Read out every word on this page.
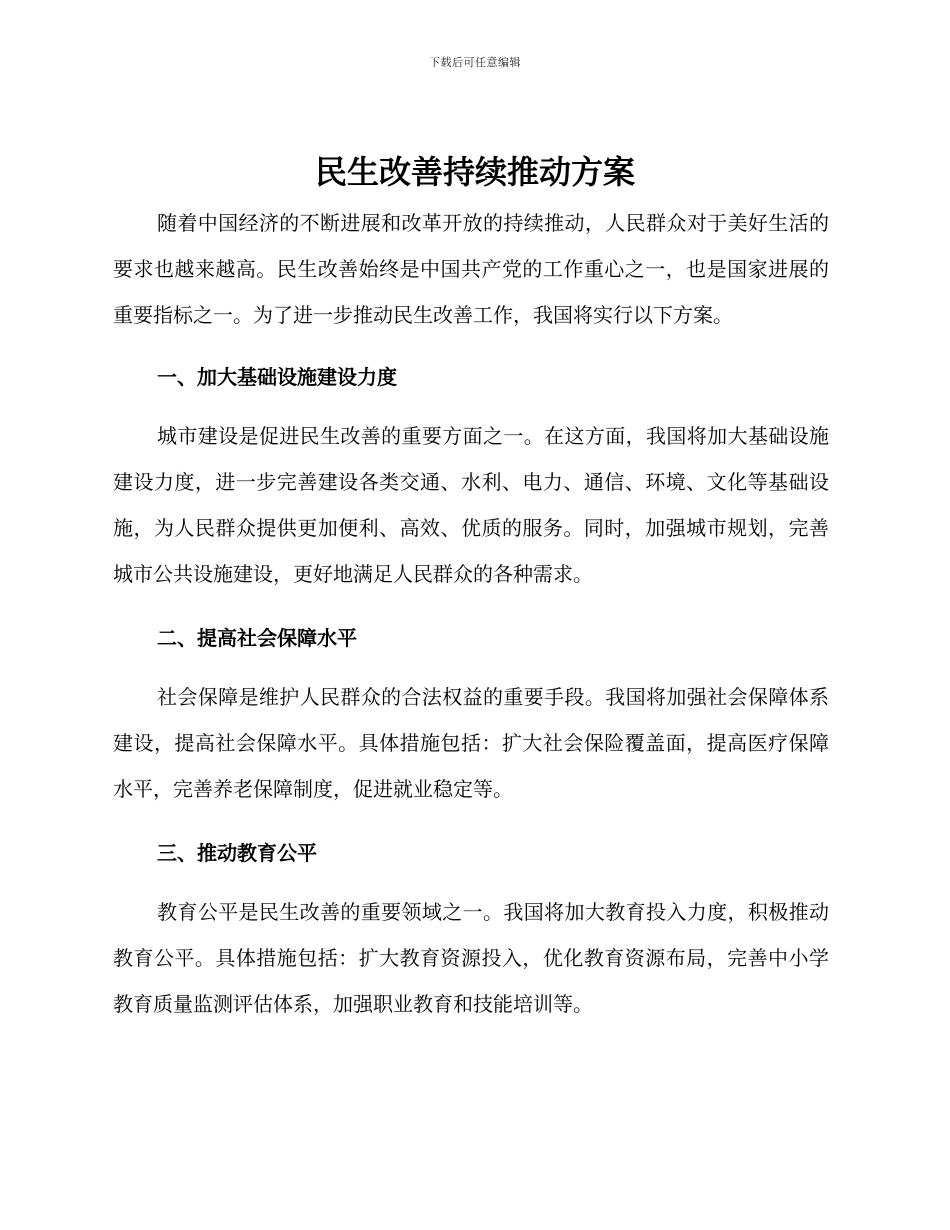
下载后可任意编辑
民生改善持续推动方案

随着中国经济的不断进展和改革开放的持续推动，人民群众对于美好生活的要求也越来越高。民生改善始终是中国共产党的工作重心之一，也是国家进展的重要指标之一。为了进一步推动民生改善工作，我国将实行以下方案。

一、加大基础设施建设力度

城市建设是促进民生改善的重要方面之一。在这方面，我国将加大基础设施建设力度，进一步完善建设各类交通、水利、电力、通信、环境、文化等基础设施，为人民群众提供更加便利、高效、优质的服务。同时，加强城市规划，完善城市公共设施建设，更好地满足人民群众的各种需求。

二、提高社会保障水平

社会保障是维护人民群众的合法权益的重要手段。我国将加强社会保障体系建设，提高社会保障水平。具体措施包括：扩大社会保险覆盖面，提高医疗保障水平，完善养老保障制度，促进就业稳定等。

三、推动教育公平

教育公平是民生改善的重要领域之一。我国将加大教育投入力度，积极推动教育公平。具体措施包括：扩大教育资源投入，优化教育资源布局，完善中小学教育质量监测评估体系，加强职业教育和技能培训等。
